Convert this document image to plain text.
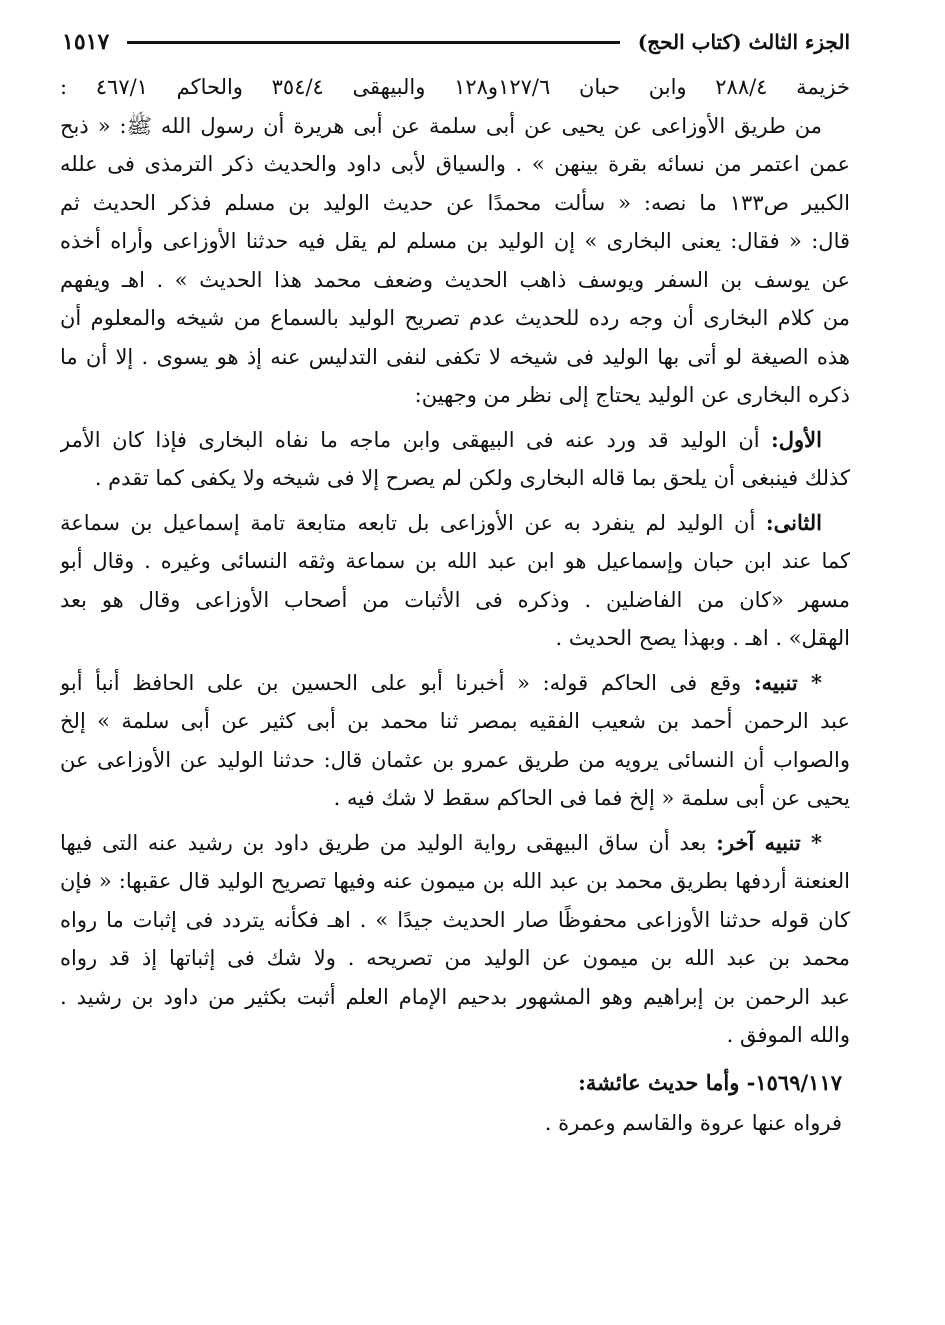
الجزء الثالث (كتاب الحج)
١٥١٧
خزيمة ٢٨٨/٤ وابن حبان ١٢٧/٦و١٢٨ والبيهقى ٣٥٤/٤ والحاكم ٤٦٧/١ :
من طريق الأوزاعى عن يحيى عن أبى سلمة عن أبى هريرة أن رسول الله ﷺ: « ذبح
عمن اعتمر من نسائه بقرة بينهن » . والسياق لأبى داود والحديث ذكر الترمذى فى علله
الكبير ص١٣٣ ما نصه: « سألت محمدًا عن حديث الوليد بن مسلم فذكر الحديث ثم
قال: « فقال: يعنى البخارى » إن الوليد بن مسلم لم يقل فيه حدثنا الأوزاعى وأراه أخذه
عن يوسف بن السفر ويوسف ذاهب الحديث وضعف محمد هذا الحديث » . اهـ ويفهم
من كلام البخارى أن وجه رده للحديث عدم تصريح الوليد بالسماع من شيخه والمعلوم أن
هذه الصيغة لو أتى بها الوليد فى شيخه لا تكفى لنفى التدليس عنه إذ هو يسوى . إلا أن ما
ذكره البخارى عن الوليد يحتاج إلى نظر من وجهين:
الأول: أن الوليد قد ورد عنه فى البيهقى وابن ماجه ما نفاه البخارى فإذا كان الأمر
كذلك فينبغى أن يلحق بما قاله البخارى ولكن لم يصرح إلا فى شيخه ولا يكفى كما تقدم .
الثانى: أن الوليد لم ينفرد به عن الأوزاعى بل تابعه متابعة تامة إسماعيل بن سماعة
كما عند ابن حبان وإسماعيل هو ابن عبد الله بن سماعة وثقه النسائى وغيره . وقال أبو
مسهر «كان من الفاضلين . وذكره فى الأثبات من أصحاب الأوزاعى وقال هو بعد
الهقل» . اهـ . وبهذا يصح الحديث .
* تنبيه: وقع فى الحاكم قوله: « أخبرنا أبو على الحسين بن على الحافظ أنبأ أبو
عبد الرحمن أحمد بن شعيب الفقيه بمصر ثنا محمد بن أبى كثير عن أبى سلمة » إلخ
والصواب أن النسائى يرويه من طريق عمرو بن عثمان قال: حدثنا الوليد عن الأوزاعى عن
يحيى عن أبى سلمة « إلخ فما فى الحاكم سقط لا شك فيه .
* تنبيه آخر: بعد أن ساق البيهقى رواية الوليد من طريق داود بن رشيد عنه التى فيها
العنعنة أردفها بطريق محمد بن عبد الله بن ميمون عنه وفيها تصريح الوليد قال عقبها: « فإن
كان قوله حدثنا الأوزاعى محفوظًا صار الحديث جيدًا » . اهـ فكأنه يتردد فى إثبات ما رواه
محمد بن عبد الله بن ميمون عن الوليد من تصريحه . ولا شك فى إثباتها إذ قد رواه
عبد الرحمن بن إبراهيم وهو المشهور بدحيم الإمام العلم أثبت بكثير من داود بن رشيد .
والله الموفق .
١٥٦٩/١١٧- وأما حديث عائشة:
فرواه عنها عروة والقاسم وعمرة .
